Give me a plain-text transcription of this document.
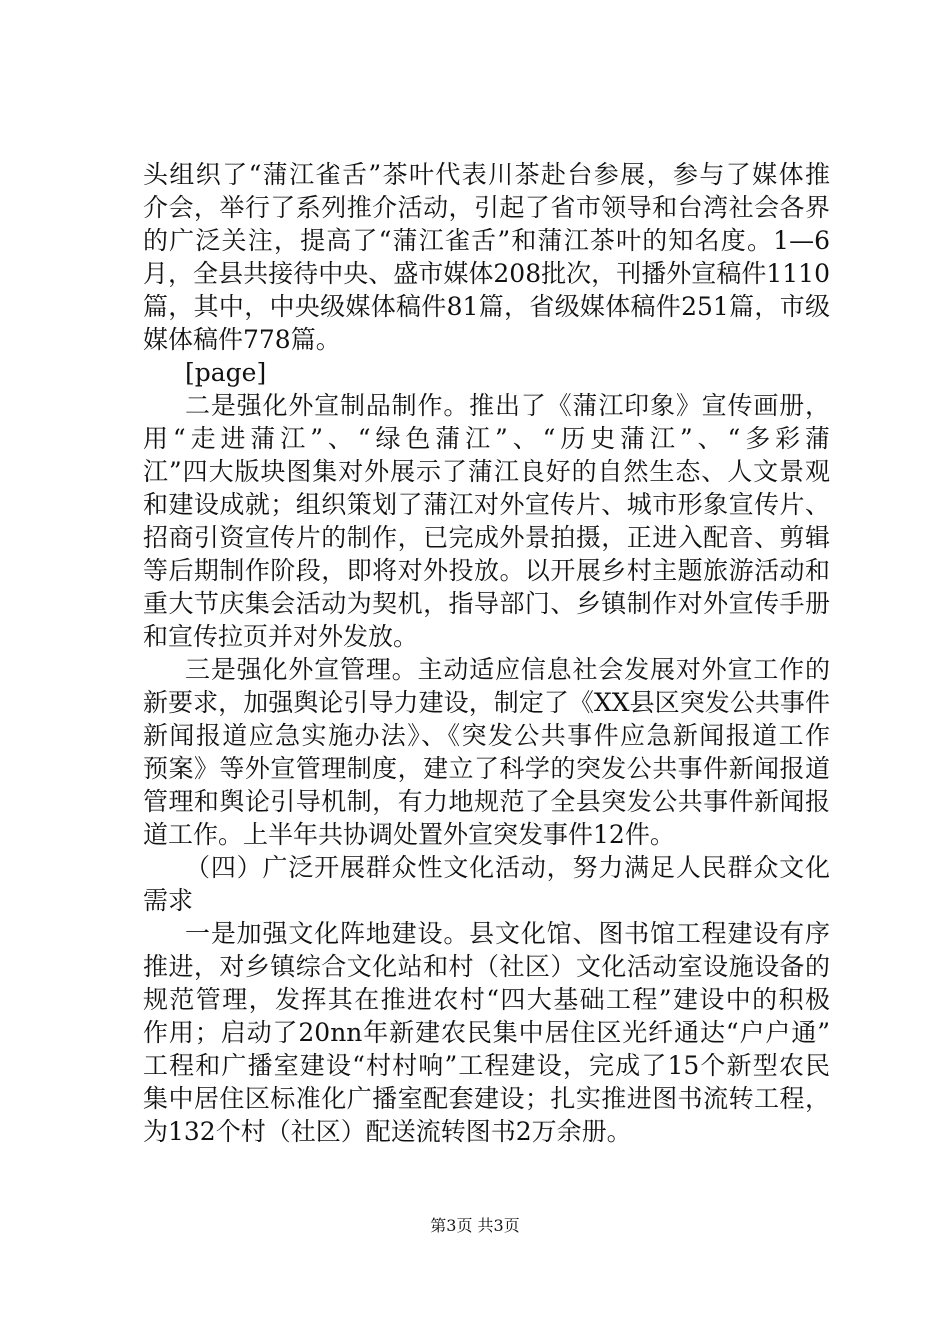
头组织了“蒲江雀舌”茶叶代表川茶赴台参展，参与了媒体推
介会，举行了系列推介活动，引起了省市领导和台湾社会各界
的广泛关注，提高了“蒲江雀舌”和蒲江茶叶的知名度。1—6
月，全县共接待中央、盛市媒体208批次，刊播外宣稿件1110
篇，其中，中央级媒体稿件81篇，省级媒体稿件251篇，市级
媒体稿件778篇。
[page]
二是强化外宣制品制作。推出了《蒲江印象》宣传画册，
用“走进蒲江”、“绿色蒲江”、“历史蒲江”、“多彩蒲
江”四大版块图集对外展示了蒲江良好的自然生态、人文景观
和建设成就；组织策划了蒲江对外宣传片、城市形象宣传片、
招商引资宣传片的制作，已完成外景拍摄，正进入配音、剪辑
等后期制作阶段，即将对外投放。以开展乡村主题旅游活动和
重大节庆集会活动为契机，指导部门、乡镇制作对外宣传手册
和宣传拉页并对外发放。
三是强化外宣管理。主动适应信息社会发展对外宣工作的
新要求，加强舆论引导力建设，制定了《XX县区突发公共事件
新闻报道应急实施办法》、《突发公共事件应急新闻报道工作
预案》等外宣管理制度，建立了科学的突发公共事件新闻报道
管理和舆论引导机制，有力地规范了全县突发公共事件新闻报
道工作。上半年共协调处置外宣突发事件12件。
（四）广泛开展群众性文化活动，努力满足人民群众文化
需求
一是加强文化阵地建设。县文化馆、图书馆工程建设有序
推进，对乡镇综合文化站和村（社区）文化活动室设施设备的
规范管理，发挥其在推进农村“四大基础工程”建设中的积极
作用；启动了20nn年新建农民集中居住区光纤通达“户户通”
工程和广播室建设“村村响”工程建设，完成了15个新型农民
集中居住区标准化广播室配套建设；扎实推进图书流转工程，
为132个村（社区）配送流转图书2万余册。
第3页 共3页
